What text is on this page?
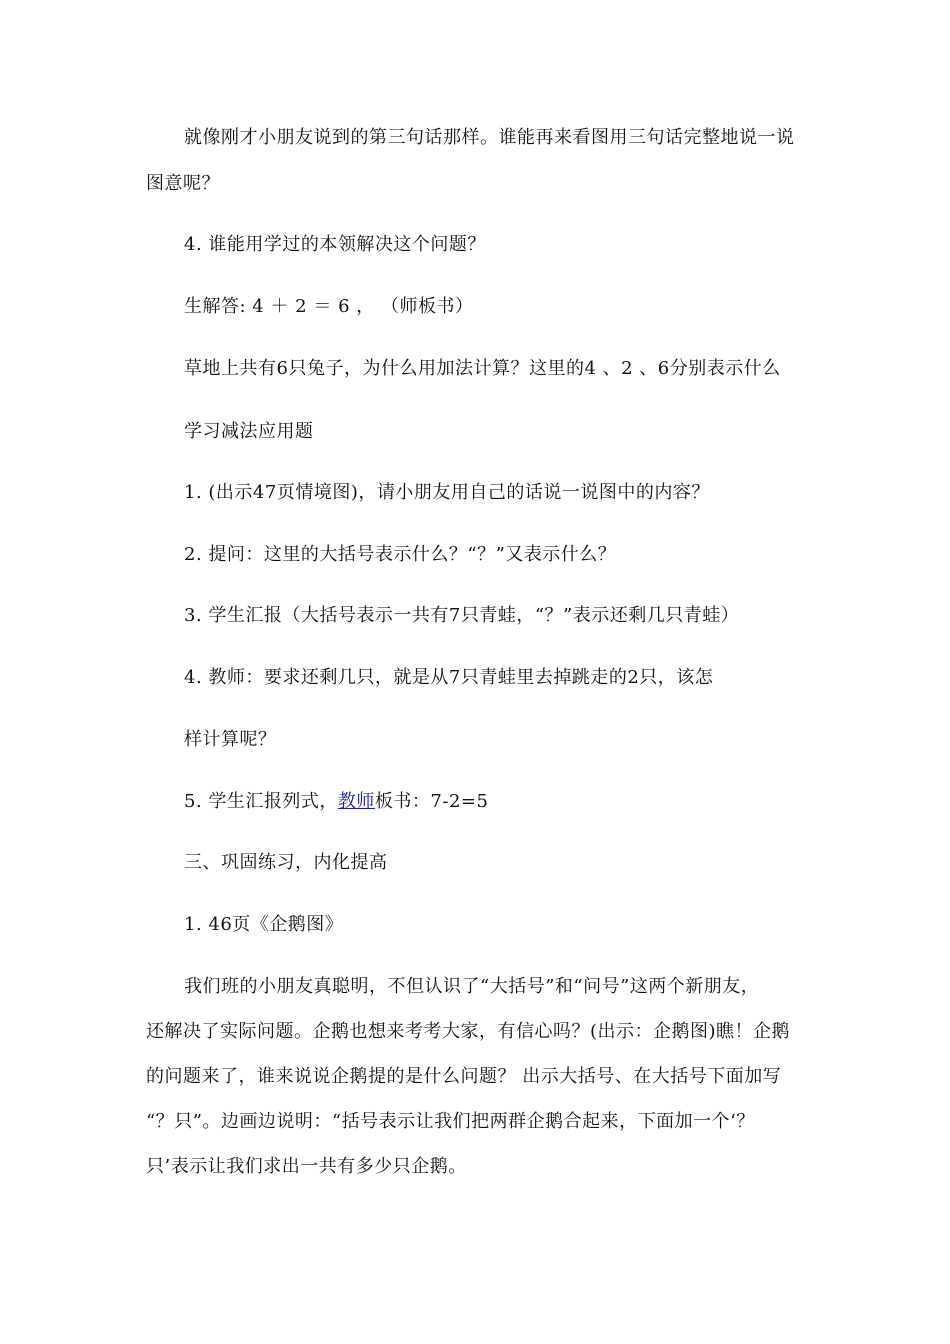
就像刚才小朋友说到的第三句话那样。谁能再来看图用三句话完整地说一说
图意呢？
4. 谁能用学过的本领解决这个问题？
生解答: 4 ＋ 2 ＝ 6 ， （师板书）
草地上共有6只兔子，为什么用加法计算？这里的4 、2 、6分别表示什么
学习减法应用题
1. (出示47页情境图)，请小朋友用自己的话说一说图中的内容？
2. 提问：这里的大括号表示什么？“？”又表示什么？
3. 学生汇报（大括号表示一共有7只青蛙，“？”表示还剩几只青蛙）
4. 教师：要求还剩几只，就是从7只青蛙里去掉跳走的2只，该怎
样计算呢？
5. 学生汇报列式，教师板书：7-2=5
三、巩固练习，内化提高
1. 46页《企鹅图》
我们班的小朋友真聪明，不但认识了“大括号”和“问号”这两个新朋友，
还解决了实际问题。企鹅也想来考考大家，有信心吗？(出示：企鹅图)瞧！企鹅
的问题来了，谁来说说企鹅提的是什么问题？ 出示大括号、在大括号下面加写
“？只”。边画边说明：“括号表示让我们把两群企鹅合起来，下面加一个‘？
只’表示让我们求出一共有多少只企鹅。
